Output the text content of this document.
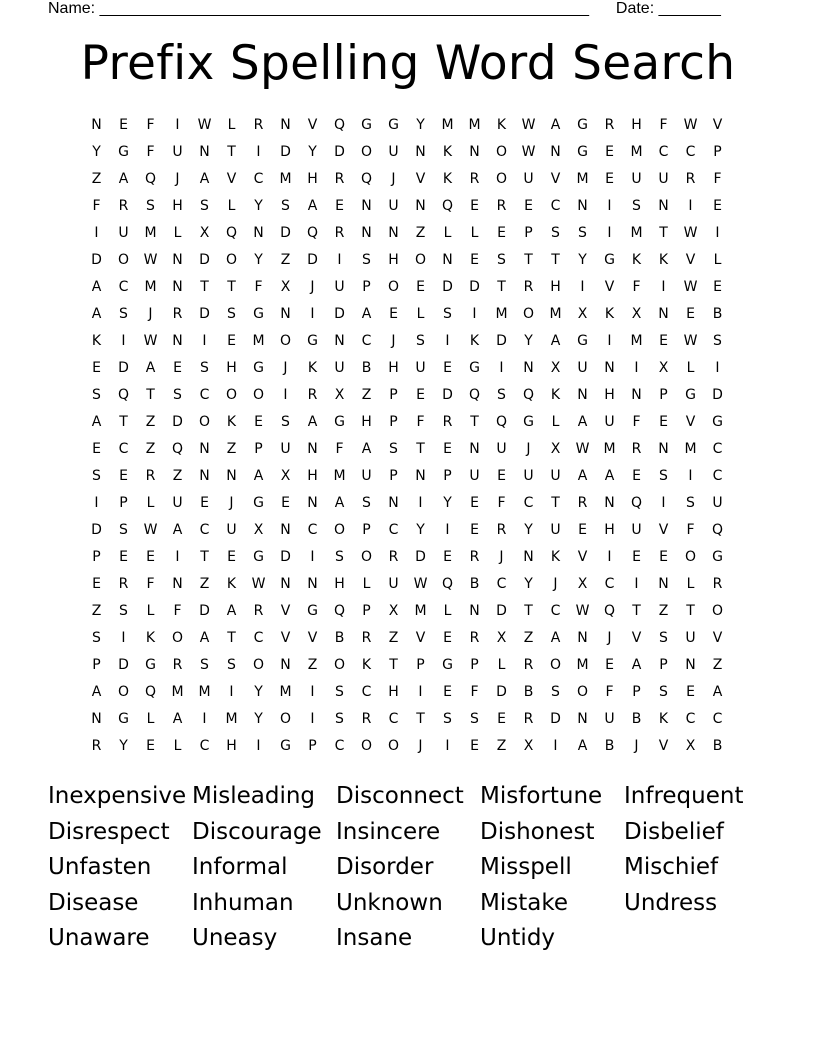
Name: _______________________________________________________ Date: _______
Prefix Spelling Word Search
N	E	F	I	W	L	R	N	V	Q	G	G	Y	M	M	K	W	A	G	R	H	F	W	V
Y	G	F	U	N	T	I	D	Y	D	O	U	N	K	N	O	W	N	G	E	M	C	C	P
Z	A	Q	J	A	V	C	M	H	R	Q	J	V	K	R	O	U	V	M	E	U	U	R	F
F	R	S	H	S	L	Y	S	A	E	N	U	N	Q	E	R	E	C	N	I	S	N	I	E
I	U	M	L	X	Q	N	D	Q	R	N	N	Z	L	L	E	P	S	S	I	M	T	W	I
D	O	W	N	D	O	Y	Z	D	I	S	H	O	N	E	S	T	T	Y	G	K	K	V	L
A	C	M	N	T	T	F	X	J	U	P	O	E	D	D	T	R	H	I	V	F	I	W	E
A	S	J	R	D	S	G	N	I	D	A	E	L	S	I	M	O	M	X	K	X	N	E	B
K	I	W	N	I	E	M	O	G	N	C	J	S	I	K	D	Y	A	G	I	M	E	W	S
E	D	A	E	S	H	G	J	K	U	B	H	U	E	G	I	N	X	U	N	I	X	L	I
S	Q	T	S	C	O	O	I	R	X	Z	P	E	D	Q	S	Q	K	N	H	N	P	G	D
A	T	Z	D	O	K	E	S	A	G	H	P	F	R	T	Q	G	L	A	U	F	E	V	G
E	C	Z	Q	N	Z	P	U	N	F	A	S	T	E	N	U	J	X	W	M	R	N	M	C
S	E	R	Z	N	N	A	X	H	M	U	P	N	P	U	E	U	U	A	A	E	S	I	C
I	P	L	U	E	J	G	E	N	A	S	N	I	Y	E	F	C	T	R	N	Q	I	S	U
D	S	W	A	C	U	X	N	C	O	P	C	Y	I	E	R	Y	U	E	H	U	V	F	Q
P	E	E	I	T	E	G	D	I	S	O	R	D	E	R	J	N	K	V	I	E	E	O	G
E	R	F	N	Z	K	W	N	N	H	L	U	W	Q	B	C	Y	J	X	C	I	N	L	R
Z	S	L	F	D	A	R	V	G	Q	P	X	M	L	N	D	T	C	W	Q	T	Z	T	O
S	I	K	O	A	T	C	V	V	B	R	Z	V	E	R	X	Z	A	N	J	V	S	U	V
P	D	G	R	S	S	O	N	Z	O	K	T	P	G	P	L	R	O	M	E	A	P	N	Z
A	O	Q	M	M	I	Y	M	I	S	C	H	I	E	F	D	B	S	O	F	P	S	E	A
N	G	L	A	I	M	Y	O	I	S	R	C	T	S	S	E	R	D	N	U	B	K	C	C
R	Y	E	L	C	H	I	G	P	C	O	O	J	I	E	Z	X	I	A	B	J	V	X	B
Inexpensive Misleading Disconnect Misfortune Infrequent
Disrespect Discourage Insincere	Dishonest	Disbelief
Unfasten	Informal	Disorder	Misspell	Mischief
Disease	Inhuman	Unknown	Mistake	Undress
Unaware	Uneasy	Insane	Untidy
